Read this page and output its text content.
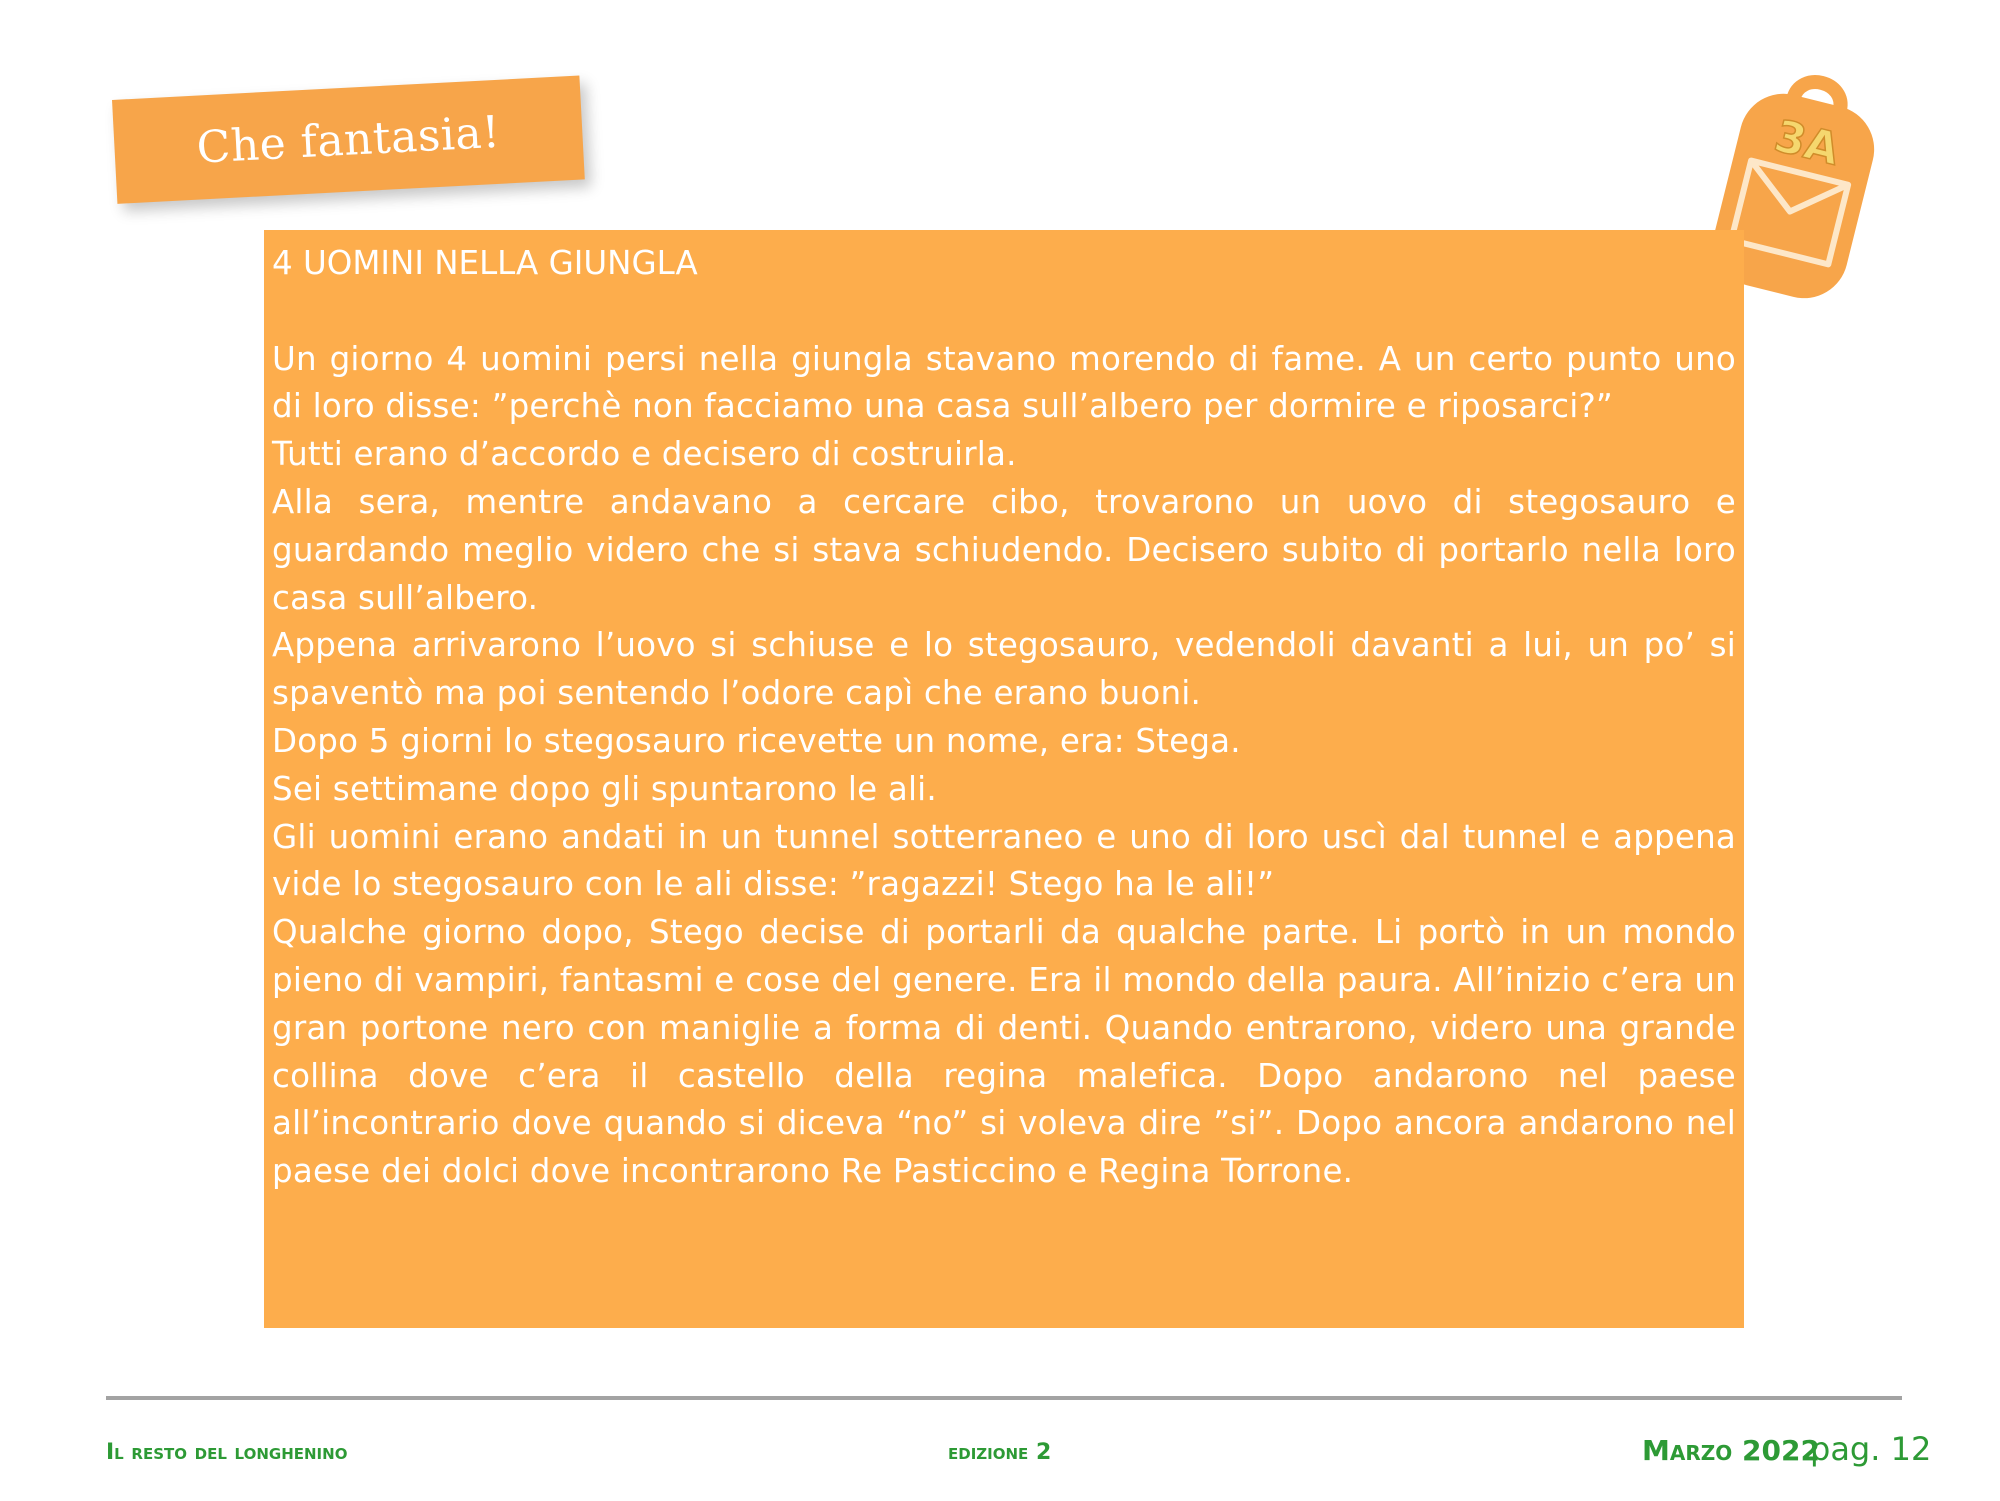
Che fantasia!	3A
4 UOMINI NELLA GIUNGLA

Un giorno 4 uomini persi nella giungla stavano morendo di fame. A un certo punto uno di loro disse: ”perchè non facciamo una casa sull’albero per dormire e riposarci?”

Tutti erano d’accordo e decisero di costruirla.

Alla sera, mentre andavano a cercare cibo, trovarono un uovo di stegosauro e guardando meglio videro che si stava schiudendo. Decisero subito di portarlo nella loro casa sull’albero.

Appena arrivarono l’uovo si schiuse e lo stegosauro, vedendoli davanti a lui, un po’ si spaventò ma poi sentendo l’odore capì che erano buoni.

Dopo 5 giorni lo stegosauro ricevette un nome, era: Stega.

Sei settimane dopo gli spuntarono le ali.

Gli uomini erano andati in un tunnel sotterraneo e uno di loro uscì dal tunnel e appena vide lo stegosauro con le ali disse: ”ragazzi! Stego ha le ali!”

Qualche giorno dopo, Stego decise di portarli da qualche parte. Li portò in un mondo pieno di vampiri, fantasmi e cose del genere. Era il mondo della paura. All’inizio c’era un gran portone nero con maniglie a forma di denti. Quando entrarono, videro una grande collina dove c’era il castello della regina malefica. Dopo andarono nel paese all’incontrario dove quando si diceva “no” si voleva dire ”si”. Dopo ancora andarono nel paese dei dolci dove incontrarono Re Pasticcino e Regina Torrone.

Il resto del longhenino	edizione 2	Marzo 2022
pag. 12
